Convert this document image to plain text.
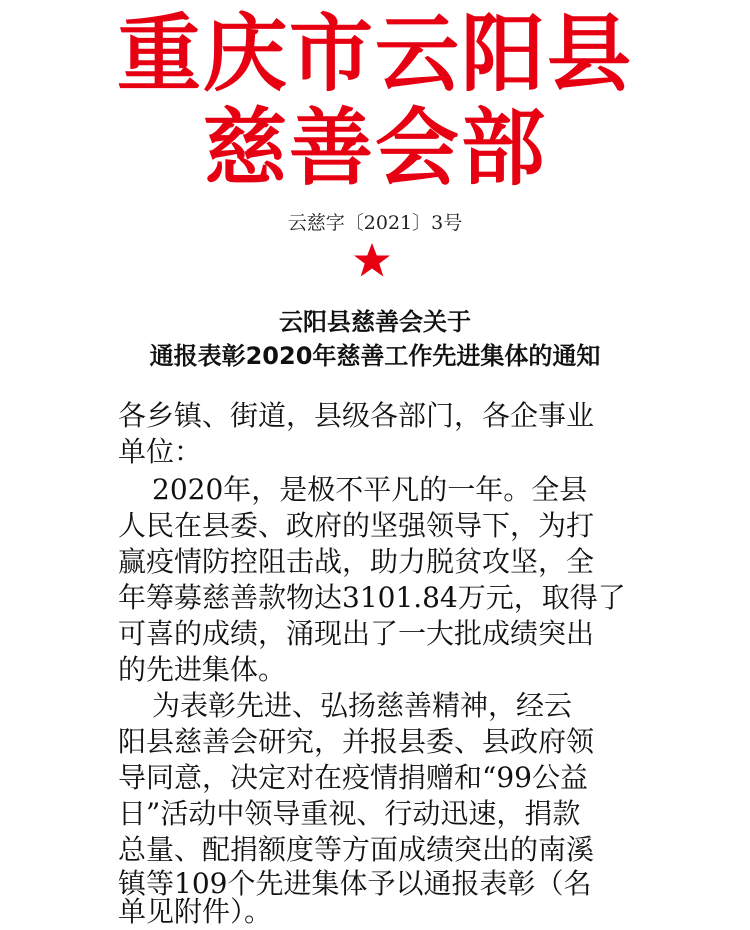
重庆市云阳县
慈善会部
云慈字〔2021〕3号
云阳县慈善会关于
通报表彰2020年慈善工作先进集体的通知
各乡镇、街道，县级各部门，各企事业
单位：
2020年，是极不平凡的一年。全县
人民在县委、政府的坚强领导下，为打
赢疫情防控阻击战，助力脱贫攻坚，全
年筹募慈善款物达3101.84万元，取得了
可喜的成绩，涌现出了一大批成绩突出
的先进集体。
为表彰先进、弘扬慈善精神，经云
阳县慈善会研究，并报县委、县政府领
导同意，决定对在疫情捐赠和“99公益
日”活动中领导重视、行动迅速，捐款
总量、配捐额度等方面成绩突出的南溪
镇等109个先进集体予以通报表彰（名
单见附件）。
